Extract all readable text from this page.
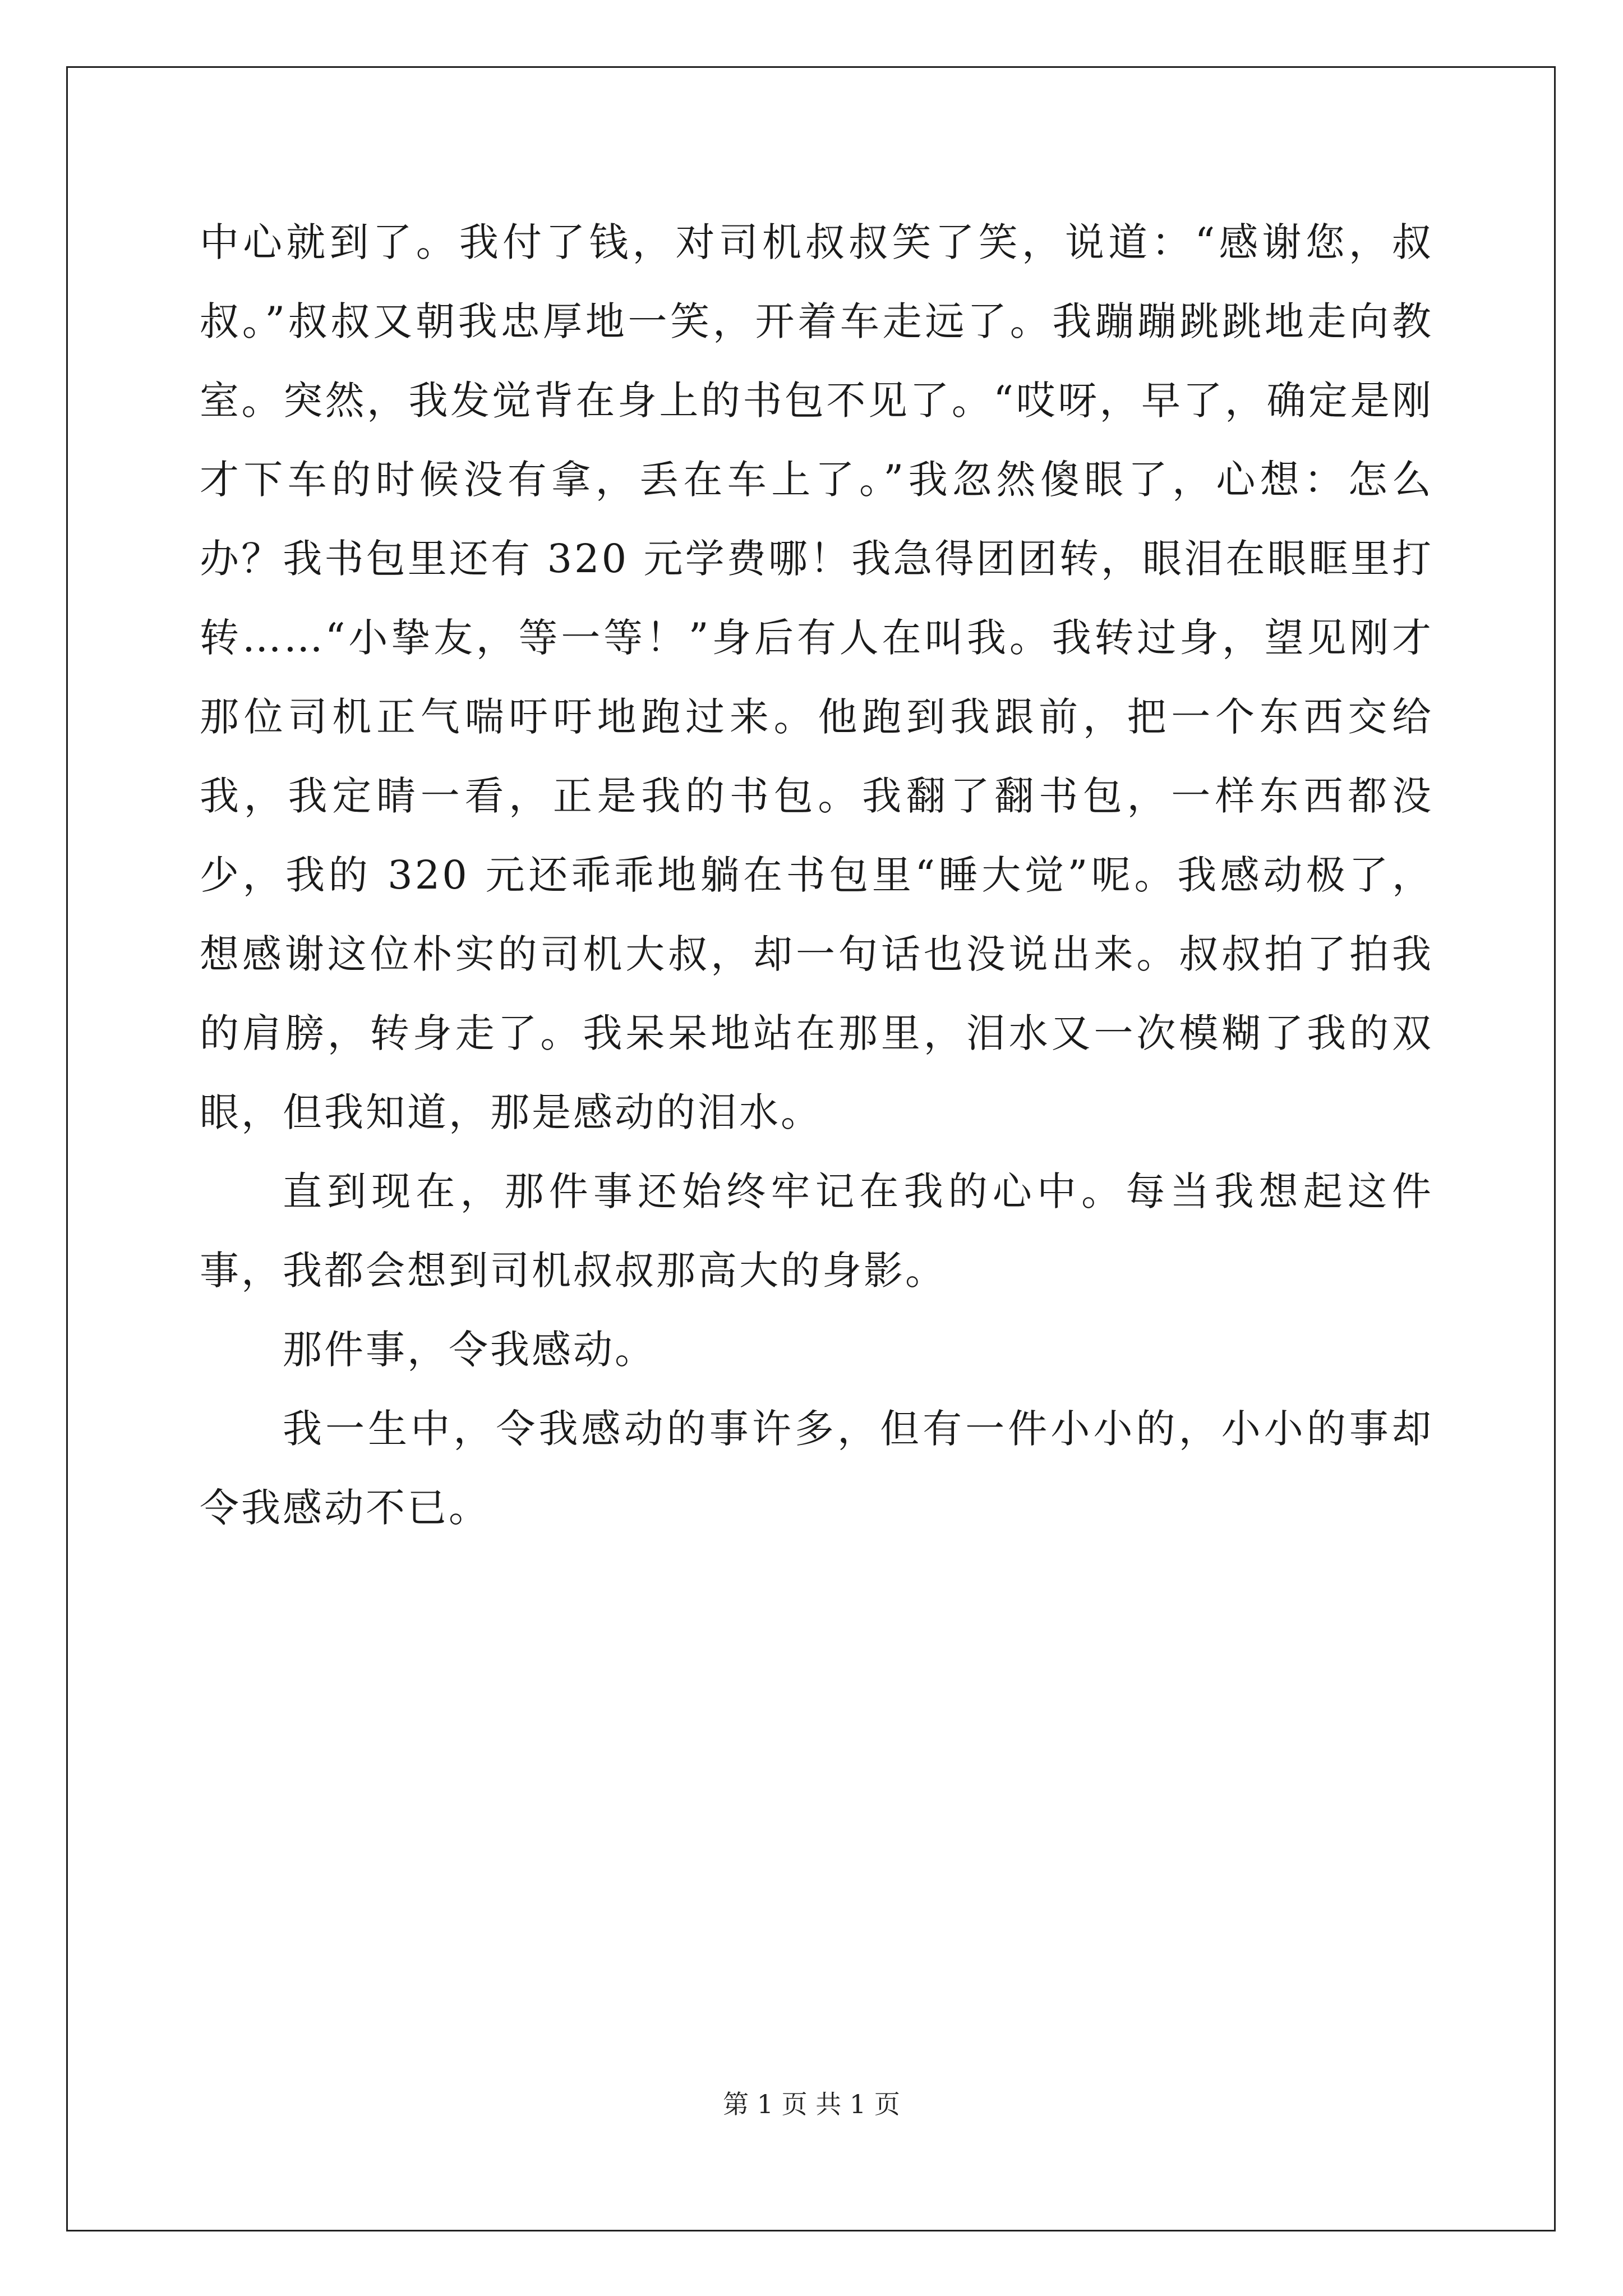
中心就到了。我付了钱，对司机叔叔笑了笑，说道：“感谢您，叔叔。”叔叔又朝我忠厚地一笑，开着车走远了。我蹦蹦跳跳地走向教室。突然，我发觉背在身上的书包不见了。“哎呀，早了，确定是刚才下车的时候没有拿，丢在车上了。”我忽然傻眼了，心想：怎么办？我书包里还有 320 元学费哪！我急得团团转，眼泪在眼眶里打转……“小挚友，等一等！”身后有人在叫我。我转过身，望见刚才那位司机正气喘吁吁地跑过来。他跑到我跟前，把一个东西交给我，我定睛一看，正是我的书包。我翻了翻书包，一样东西都没少，我的 320 元还乖乖地躺在书包里“睡大觉”呢。我感动极了，想感谢这位朴实的司机大叔，却一句话也没说出来。叔叔拍了拍我的肩膀，转身走了。我呆呆地站在那里，泪水又一次模糊了我的双眼，但我知道，那是感动的泪水。

直到现在，那件事还始终牢记在我的心中。每当我想起这件事，我都会想到司机叔叔那高大的身影。

那件事，令我感动。

我一生中，令我感动的事许多，但有一件小小的，小小的事却令我感动不已。

第 1 页 共 1 页
